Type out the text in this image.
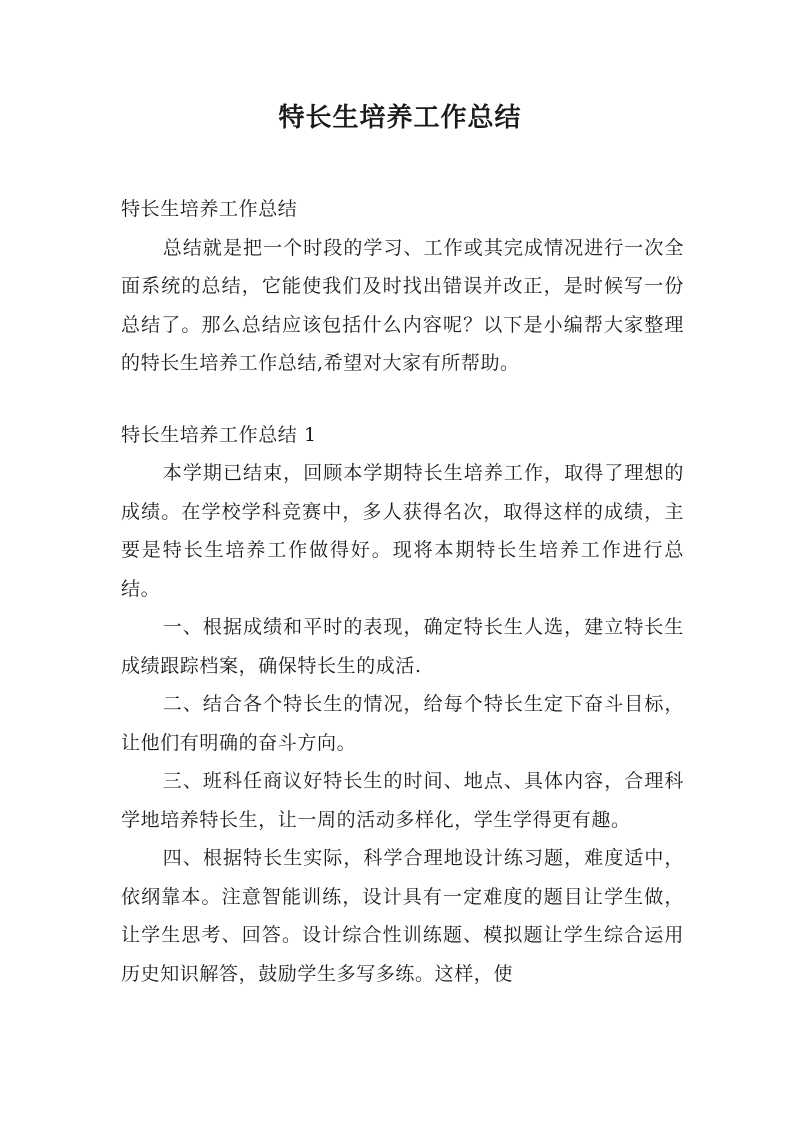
特长生培养工作总结

特长生培养工作总结

总结就是把一个时段的学习、工作或其完成情况进行一次全面系统的总结，它能使我们及时找出错误并改正，是时候写一份总结了。那么总结应该包括什么内容呢？以下是小编帮大家整理的特长生培养工作总结,希望对大家有所帮助。

特长生培养工作总结 1

本学期已结束，回顾本学期特长生培养工作，取得了理想的成绩。在学校学科竞赛中，多人获得名次，取得这样的成绩，主要是特长生培养工作做得好。现将本期特长生培养工作进行总结。

一、根据成绩和平时的表现，确定特长生人选，建立特长生成绩跟踪档案，确保特长生的成活.

二、结合各个特长生的情况，给每个特长生定下奋斗目标，让他们有明确的奋斗方向。

三、班科任商议好特长生的时间、地点、具体内容，合理科学地培养特长生，让一周的活动多样化，学生学得更有趣。

四、根据特长生实际，科学合理地设计练习题，难度适中，依纲靠本。注意智能训练，设计具有一定难度的题目让学生做，让学生思考、回答。设计综合性训练题、模拟题让学生综合运用历史知识解答，鼓励学生多写多练。这样，使
